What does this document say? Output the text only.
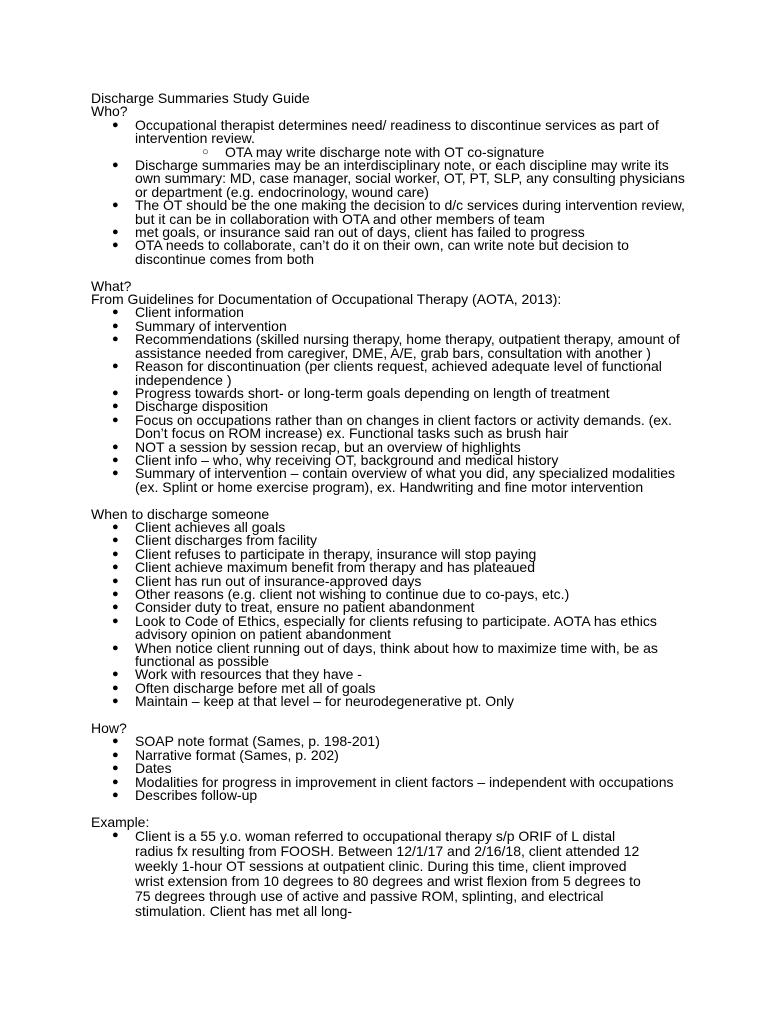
Discharge Summaries Study Guide

Who?

● Occupational therapist determines need/ readiness to discontinue services as part of intervention review.
○ OTA may write discharge note with OT co-signature
● Discharge summaries may be an interdisciplinary note, or each discipline may write its own summary: MD, case manager, social worker, OT, PT, SLP, any consulting physicians or department (e.g. endocrinology, wound care)
● The OT should be the one making the decision to d/c services during intervention review, but it can be in collaboration with OTA and other members of team
● met goals, or insurance said ran out of days, client has failed to progress
● OTA needs to collaborate, can’t do it on their own, can write note but decision to discontinue comes from both

What?

From Guidelines for Documentation of Occupational Therapy (AOTA, 2013):

● Client information
● Summary of intervention
● Recommendations (skilled nursing therapy, home therapy, outpatient therapy, amount of assistance needed from caregiver, DME, A/E, grab bars, consultation with another )
● Reason for discontinuation (per clients request, achieved adequate level of functional independence )
● Progress towards short- or long-term goals depending on length of treatment
● Discharge disposition
● Focus on occupations rather than on changes in client factors or activity demands. (ex. Don’t focus on ROM increase) ex. Functional tasks such as brush hair
● NOT a session by session recap, but an overview of highlights
● Client info – who, why receiving OT, background and medical history
● Summary of intervention – contain overview of what you did, any specialized modalities (ex. Splint or home exercise program), ex. Handwriting and fine motor intervention

When to discharge someone

● Client achieves all goals
● Client discharges from facility
● Client refuses to participate in therapy, insurance will stop paying
● Client achieve maximum benefit from therapy and has plateaued
● Client has run out of insurance-approved days
● Other reasons (e.g. client not wishing to continue due to co-pays, etc.)
● Consider duty to treat, ensure no patient abandonment
● Look to Code of Ethics, especially for clients refusing to participate. AOTA has ethics advisory opinion on patient abandonment
● When notice client running out of days, think about how to maximize time with, be as functional as possible
● Work with resources that they have -
● Often discharge before met all of goals
● Maintain – keep at that level – for neurodegenerative pt. Only

How?

● SOAP note format (Sames, p. 198-201)
● Narrative format (Sames, p. 202)
● Dates
● Modalities for progress in improvement in client factors – independent with occupations
● Describes follow-up

Example:

● Client is a 55 y.o. woman referred to occupational therapy s/p ORIF of L distal radius fx resulting from FOOSH. Between 12/1/17 and 2/16/18, client attended 12 weekly 1-hour OT sessions at outpatient clinic. During this time, client improved wrist extension from 10 degrees to 80 degrees and wrist flexion from 5 degrees to 75 degrees through use of active and passive ROM, splinting, and electrical stimulation. Client has met all long-
